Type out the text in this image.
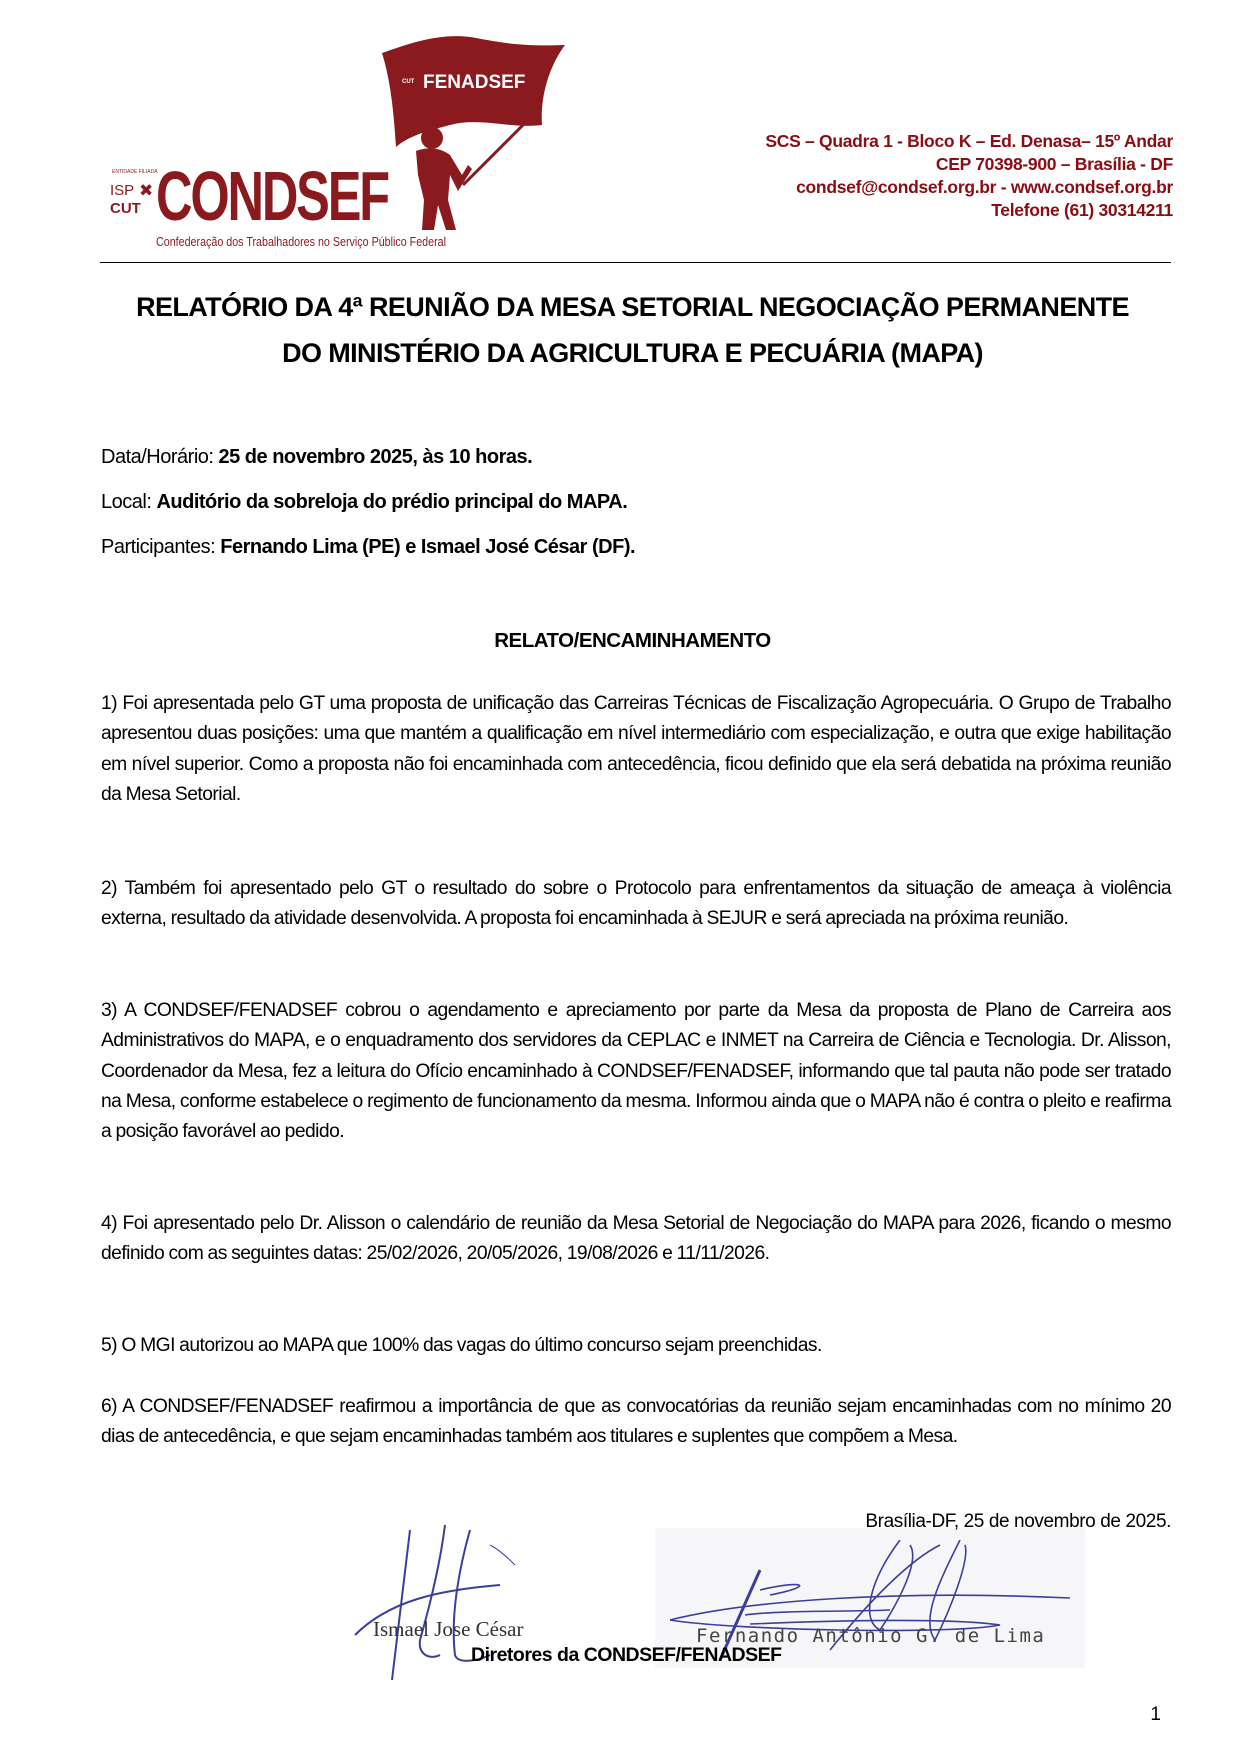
FENADSEF
CUT
ENTIDADE FILIADA
ISP
CUT
✖ CONDSEF
Confederação dos Trabalhadores no Serviço Público Federal
SCS – Quadra 1 - Bloco K – Ed. Denasa– 15º Andar
CEP 70398-900 – Brasília - DF
condsef@condsef.org.br - www.condsef.org.br
Telefone (61) 30314211
RELATÓRIO DA 4ª REUNIÃO DA MESA SETORIAL NEGOCIAÇÃO PERMANENTE
DO MINISTÉRIO DA AGRICULTURA E PECUÁRIA (MAPA)
Data/Horário: 25 de novembro 2025, às 10 horas.
Local: Auditório da sobreloja do prédio principal do MAPA.
Participantes: Fernando Lima (PE) e Ismael José César (DF).
RELATO/ENCAMINHAMENTO
1) Foi apresentada pelo GT uma proposta de unificação das Carreiras Técnicas de Fiscalização Agropecuária. O Grupo de Trabalho apresentou duas posições: uma que mantém a qualificação em nível intermediário com especialização, e outra que exige habilitação em nível superior. Como a proposta não foi encaminhada com antecedência, ficou definido que ela será debatida na próxima reunião da Mesa Setorial.
2) Também foi apresentado pelo GT o resultado do sobre o Protocolo para enfrentamentos da situação de ameaça à violência externa, resultado da atividade desenvolvida. A proposta foi encaminhada à SEJUR e será apreciada na próxima reunião.
3) A CONDSEF/FENADSEF cobrou o agendamento e apreciamento por parte da Mesa da proposta de Plano de Carreira aos Administrativos do MAPA, e o enquadramento dos servidores da CEPLAC e INMET na Carreira de Ciência e Tecnologia. Dr. Alisson, Coordenador da Mesa, fez a leitura do Ofício encaminhado à CONDSEF/FENADSEF, informando que tal pauta não pode ser tratado na Mesa, conforme estabelece o regimento de funcionamento da mesma. Informou ainda que o MAPA não é contra o pleito e reafirma a posição favorável ao pedido.
4) Foi apresentado pelo Dr. Alisson o calendário de reunião da Mesa Setorial de Negociação do MAPA para 2026, ficando o mesmo definido com as seguintes datas: 25/02/2026, 20/05/2026, 19/08/2026 e 11/11/2026.
5) O MGI autorizou ao MAPA que 100% das vagas do último concurso sejam preenchidas.
6) A CONDSEF/FENADSEF reafirmou a importância de que as convocatórias da reunião sejam encaminhadas com no mínimo 20 dias de antecedência, e que sejam encaminhadas também aos titulares e suplentes que compõem a Mesa.
Brasília-DF, 25 de novembro de 2025.
Ismael Jose César	Fernando Antônio G. de Lima
Diretores da CONDSEF/FENADSEF
1
